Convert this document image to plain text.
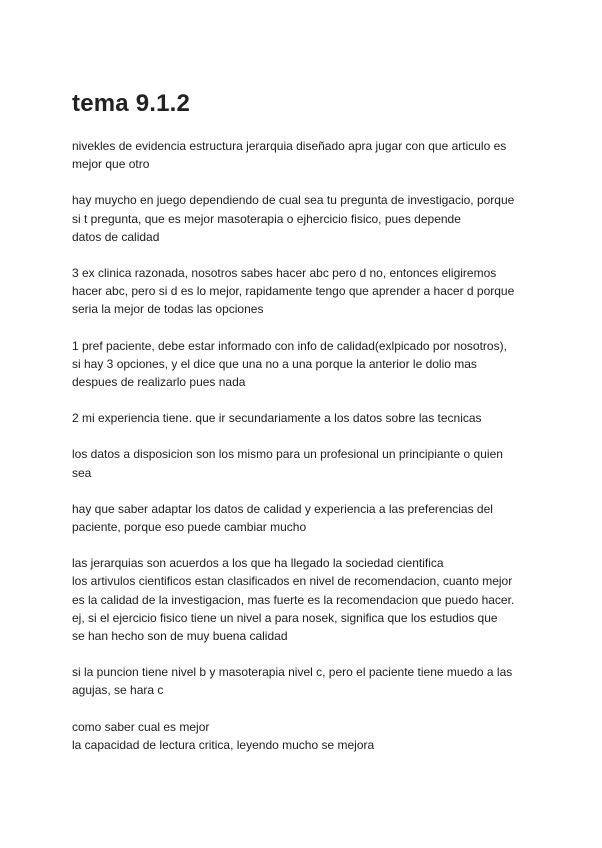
tema 9.1.2
nivekles de evidencia estructura jerarquia diseñado apra jugar con que articulo es
mejor que otro
hay muycho en juego dependiendo de cual sea tu pregunta de investigacio, porque
si t pregunta, que es mejor masoterapia o ejhercicio fisico, pues depende
datos de calidad
3 ex clinica razonada, nosotros sabes hacer abc pero d no, entonces eligiremos
hacer abc, pero si d es lo mejor, rapidamente tengo que aprender a hacer d porque
seria la mejor de todas las opciones
1 pref paciente, debe estar informado con info de calidad(exlpicado por nosotros),
si hay 3 opciones, y el dice que una no a una porque la anterior le dolio mas
despues de realizarlo pues nada
2 mi experiencia tiene. que ir secundariamente a los datos sobre las tecnicas
los datos a disposicion son los mismo para un profesional un principiante o quien
sea
hay que saber adaptar los datos de calidad y experiencia a las preferencias del
paciente, porque eso puede cambiar mucho
las jerarquias son acuerdos a los que ha llegado la sociedad cientifica
los artivulos cientificos estan clasificados en nivel de recomendacion, cuanto mejor
es la calidad de la investigacion, mas fuerte es la recomendacion que puedo hacer.
ej, si el ejercicio fisico tiene un nivel a para nosek, significa que los estudios que
se han hecho son de muy buena calidad
si la puncion tiene nivel b y masoterapia nivel c, pero el paciente tiene muedo a las
agujas, se hara c
como saber cual es mejor
la capacidad de lectura critica, leyendo mucho se mejora
